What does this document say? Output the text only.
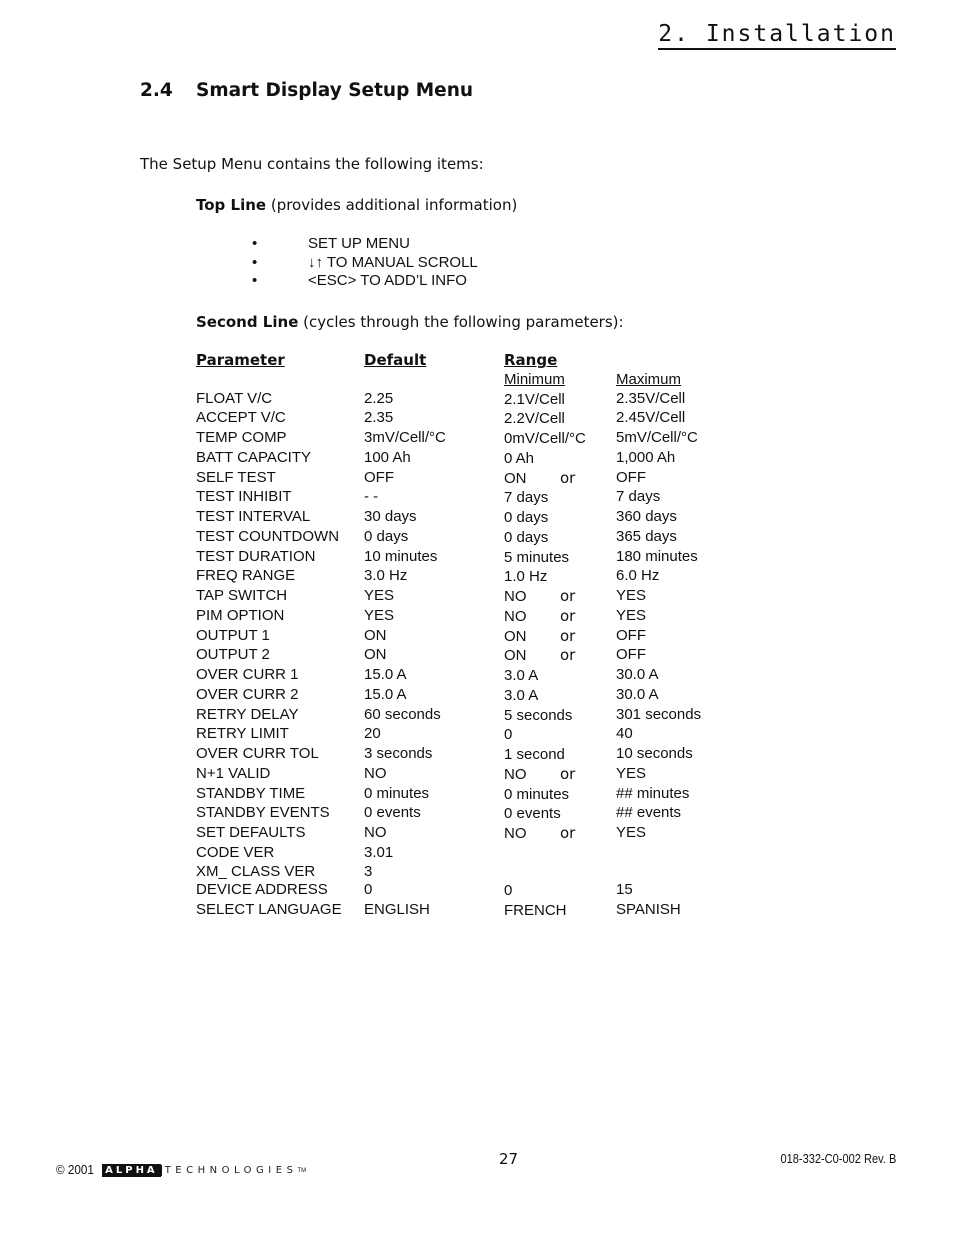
2. Installation
2.4 Smart Display Setup Menu
The Setup Menu contains the following items:
Top Line (provides additional information)
•	SET UP MENU
•	↓↑ TO MANUAL SCROLL
•	<ESC> TO ADD’L INFO
Second Line (cycles through the following parameters):
Parameter	Default	Range	
		Minimum	Maximum
FLOAT V/C	2.25	2.1V/Cell	2.35V/Cell
ACCEPT V/C	2.35	2.2V/Cell	2.45V/Cell
TEMP COMP	3mV/Cell/°C	0mV/Cell/°C	5mV/Cell/°C
BATT CAPACITY	100 Ah	0 Ah	1,000 Ah
SELF TEST	OFF	ON or	OFF
TEST INHIBIT	- -	7 days	7 days
TEST INTERVAL	30 days	0 days	360 days
TEST COUNTDOWN	0 days	0 days	365 days
TEST DURATION	10 minutes	5 minutes	180 minutes
FREQ RANGE	3.0 Hz	1.0 Hz	6.0 Hz
TAP SWITCH	YES	NO or	YES
PIM OPTION	YES	NO or	YES
OUTPUT 1	ON	ON or	OFF
OUTPUT 2	ON	ON or	OFF
OVER CURR 1	15.0 A	3.0 A	30.0 A
OVER CURR 2	15.0 A	3.0 A	30.0 A
RETRY DELAY	60 seconds	5 seconds	301 seconds
RETRY LIMIT	20	0	40
OVER CURR TOL	3 seconds	1 second	10 seconds
N+1 VALID	NO	NO or	YES
STANDBY TIME	0 minutes	0 minutes	## minutes
STANDBY EVENTS	0 events	0 events	## events
SET DEFAULTS	NO	NO or	YES
CODE VER	3.01		
XM_ CLASS VER	3		
DEVICE ADDRESS	0	0	15
SELECT LANGUAGE	ENGLISH	FRENCH	SPANISH
© 2001	ALPHA TECHNOLOGIES TM
27	018-332-C0-002 Rev. B
